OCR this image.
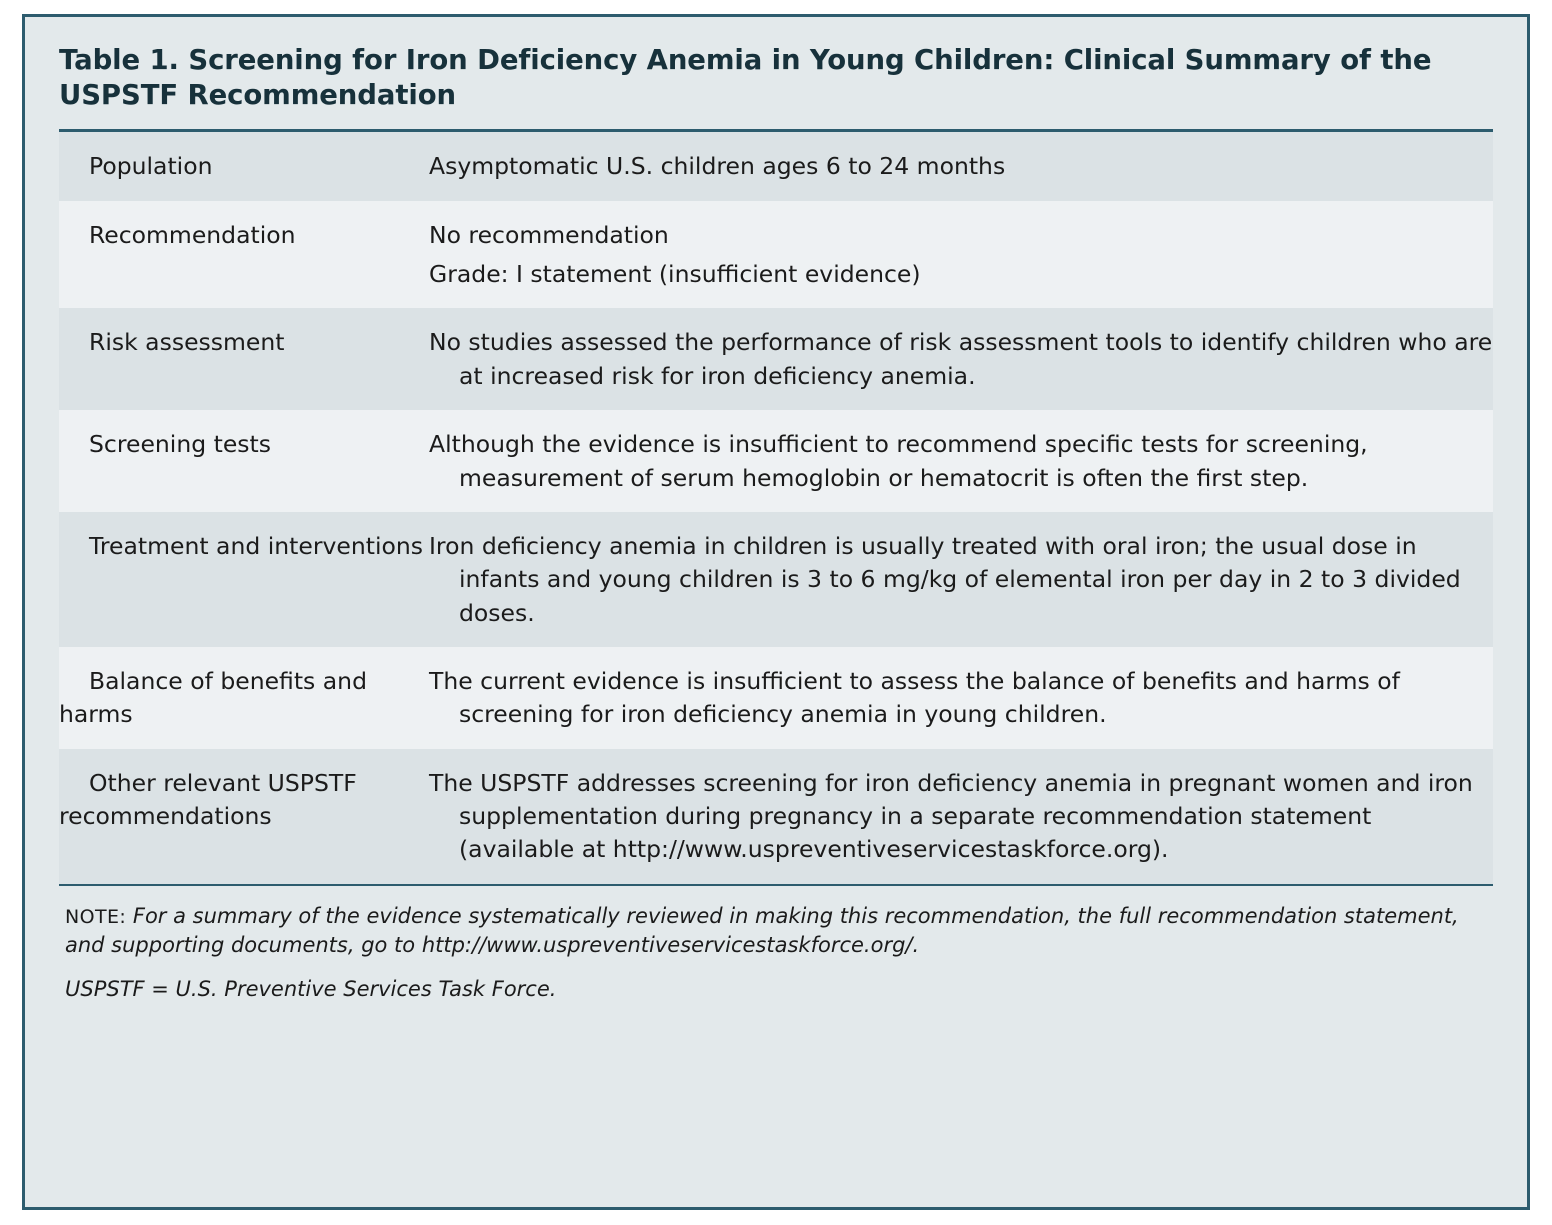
Table 1. Screening for Iron Deficiency Anemia in Young Children: Clinical Summary of the USPSTF Recommendation
Population	Asymptomatic U.S. children ages 6 to 24 months

Recommendation	No recommendation
Grade: I statement (insufficient evidence)

Risk assessment	No studies assessed the performance of risk assessment tools to identify children who are at increased risk for iron deficiency anemia.

Screening tests	Although the evidence is insufficient to recommend specific tests for screening, measurement of serum hemoglobin or hematocrit is often the first step.

Treatment and interventions	Iron deficiency anemia in children is usually treated with oral iron; the usual dose in infants and young children is 3 to 6 mg/kg of elemental iron per day in 2 to 3 divided doses.

Balance of benefits and harms	The current evidence is insufficient to assess the balance of benefits and harms of screening for iron deficiency anemia in young children.

Other relevant USPSTF recommendations	The USPSTF addresses screening for iron deficiency anemia in pregnant women and iron supplementation during pregnancy in a separate recommendation statement (available at http://www.uspreventiveservicestaskforce.org).

NOTE: For a summary of the evidence systematically reviewed in making this recommendation, the full recommendation statement, and supporting documents, go to http://www.uspreventiveservicestaskforce.org/.

USPSTF = U.S. Preventive Services Task Force.
